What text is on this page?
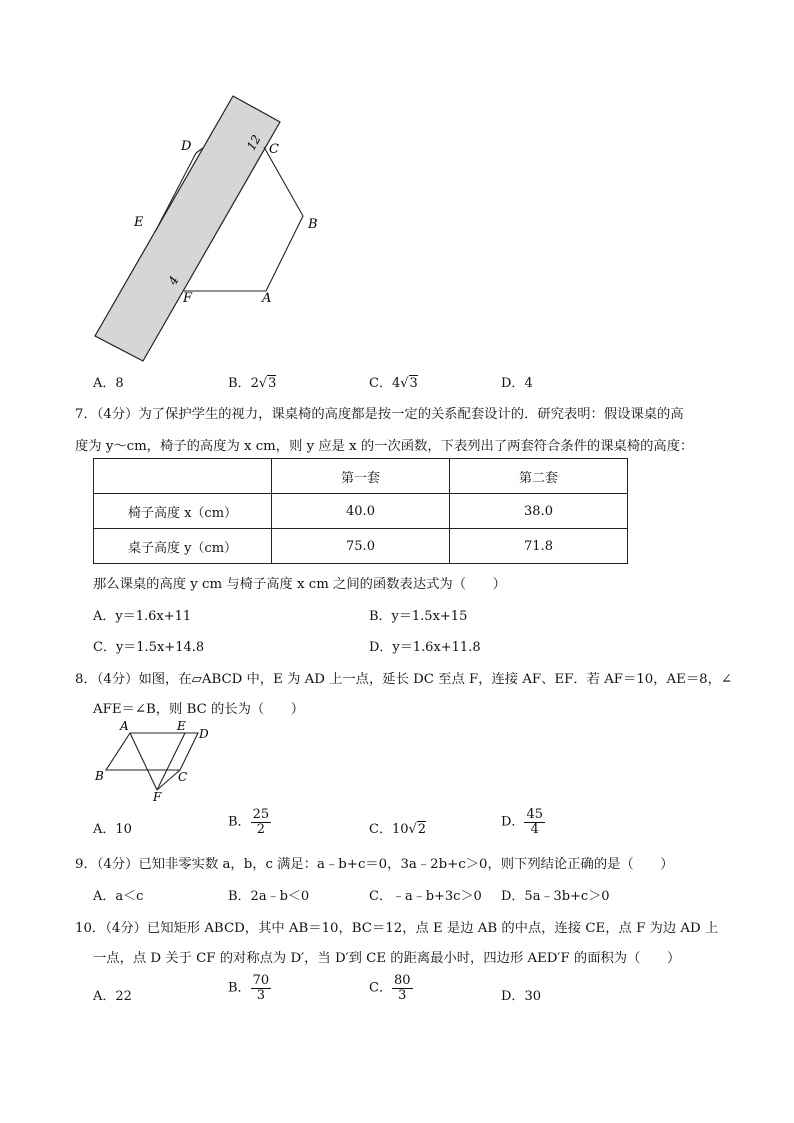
D	C
E	B
F	A
12
4
A．8	B．2√3	C．4√3	D．4
7．（4分）为了保护学生的视力，课桌椅的高度都是按一定的关系配套设计的．研究表明：假设课桌的高
度为 y～cm，椅子的高度为 x cm，则 y 应是 x 的一次函数，下表列出了两套符合条件的课桌椅的高度：
	第一套	第二套
椅子高度 x（cm）	40.0	38.0
桌子高度 y（cm）	75.0	71.8
那么课桌的高度 y cm 与椅子高度 x cm 之间的函数表达式为（　　）
A．y＝1.6x+11	B．y＝1.5x+15
C．y＝1.5x+14.8	D．y＝1.6x+11.8
8．（4分）如图，在▱ABCD 中，E 为 AD 上一点，延长 DC 至点 F，连接 AF、EF．若 AF＝10，AE＝8，∠
AFE＝∠B，则 BC 的长为（　　）
A	E
D
B	C
F
A．10	B． $\frac{25}{2}$	C．10√2	D． $\frac{45}{4}$
9．（4分）已知非零实数 a，b，c 满足：a﹣b+c＝0，3a﹣2b+c＞0，则下列结论正确的是（　　）
A．a＜c	B．2a﹣b＜0	C．﹣a﹣b+3c＞0 D．5a﹣3b+c＞0
10．（4分）已知矩形 ABCD，其中 AB＝10，BC＝12，点 E 是边 AB 的中点，连接 CE，点 F 为边 AD 上
一点，点 D 关于 CF 的对称点为 D′，当 D′到 CE 的距离最小时，四边形 AED′F 的面积为（　　）
A．22
B． $\frac{70}{3}$	C． $\frac{80}{3}$	D．30
